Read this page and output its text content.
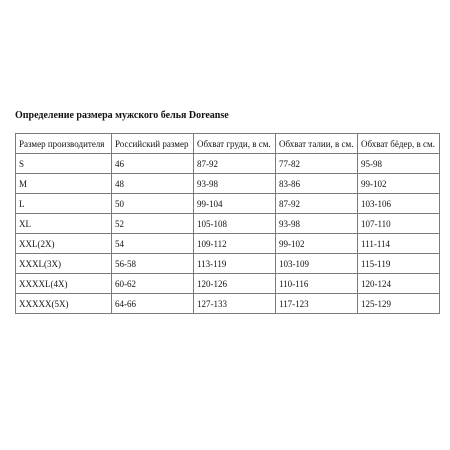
Определение размера мужского белья Doreanse
Размер производителя	Российский размер	Обхват груди, в см.	Обхват талии, в см.	Обхват бёдер, в см.
S	46	87-92	77-82	95-98
M	48	93-98	83-86	99-102
L	50	99-104	87-92	103-106
XL	52	105-108	93-98	107-110
XXL(2X)	54	109-112	99-102	111-114
XXXL(3X)	56-58	113-119	103-109	115-119
XXXXL(4X)	60-62	120-126	110-116	120-124
XXXXX(5X)	64-66	127-133	117-123	125-129
